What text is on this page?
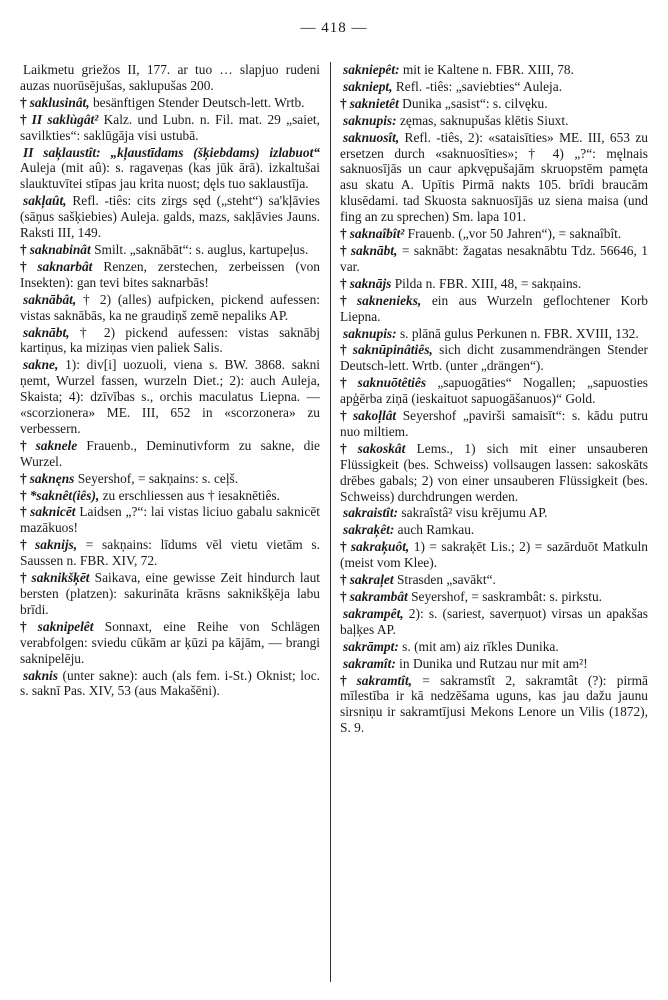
— 418 —

Laikmetu griežos II, 177. ar tuo … slapjuo rudeni auzas nuorūsējušas, saklupušas 200.

† saklusinât, besänftigen Stender Deutsch-lett. Wrtb.

† II saklùgât² Kalz. und Lubn. n. Fil. mat. 29 „saiet, savilkties“: saklūgāja visi ustubā.

II saķlaustît: „kļaustīdams (šķiebdams) izlabuot“ Auleja (mit aû): s. ragaveņas (kas jūk ārā). izkaltušai slauktuvītei stīpas jau krita nuost; dęls tuo saklaustīja.

sakļaût, Refl. -tiês: cits zirgs sęd („steht“) sa'kļāvies (sāņus sašķiebies) Auleja. galds, mazs, sakļāvies Jauns. Raksti III, 149.

† saknabinât Smilt. „saknābāt“: s. auglus, kartupeļus.

† saknarbât Renzen, zerstechen, zerbeissen (von Insekten): gan tevi bites saknarbās!

saknābât, † 2) (alles) aufpicken, pickend aufessen: vistas saknābās, ka ne graudiņš zemē nepaliks AP.

saknābt, † 2) pickend aufessen: vistas saknābj kartiņus, ka miziņas vien paliek Salis.

sakne, 1): div[i] uozuoli, viena s. BW. 3868. sakni ņemt, Wurzel fassen, wurzeln Diet.; 2): auch Auleja, Skaista; 4): dzīvības s., orchis maculatus Liepna. — «scorzionera» ME. III, 652 in «scorzonera» zu verbessern.

† saknele Frauenb., Deminutivform zu sakne, die Wurzel.

† saknęns Seyershof, = sakņains: s. ceļš.

† *saknêt(iês), zu erschliessen aus † iesaknētiês.

† saknicēt Laidsen „?“: lai vistas liciuo gabalu saknicēt mazākuos!

† saknijs, = sakņains: līdums vēl vietu vietām s. Saussen n. FBR. XIV, 72.

† saknikšķēt Saikava, eine gewisse Zeit hindurch laut bersten (platzen): sakurināta krāsns saknikšķēja labu brīdi.

† saknipelêt Sonnaxt, eine Reihe von Schlägen verabfolgen: sviedu cūkām ar ķūzi pa kājām, — brangi saknipelēju.

saknis (unter sakne): auch (als fem. i-St.) Oknist; loc. s. saknī Pas. XIV, 53 (aus Makašēni).

sakniepêt: mit ie Kaltene n. FBR. XIII, 78.

sakniept, Refl. -tiês: „saviebties“ Auleja.

† saknietêt Dunika „sasist“: s. cilvęku.

saknupis: zęmas, saknupušas klētis Siuxt.

saknuosît, Refl. -tiês, 2): «sataisīties» ME. III, 653 zu ersetzen durch «saknuosīties»; † 4) „?“: męlnais saknuosījās un caur apkvępušajām skruopstēm pamęta asu skatu A. Upītis Pirmā nakts 105. brīdi braucām klusēdami. tad Skuosta saknuosījās uz siena maisa (und fing an zu sprechen) Sm. lapa 101.

† saknaîbît² Frauenb. („vor 50 Jahren“), = saknaîbît.

† saknābt, = saknābt: žagatas nesaknābtu Tdz. 56646, 1 var.

† saknājs Pilda n. FBR. XIII, 48, = sakņains.

† saknenieks, ein aus Wurzeln geflochtener Korb Liepna.

saknupis: s. plānā gulus Perkunen n. FBR. XVIII, 132.

† saknūpinâtiês, sich dicht zusammendrängen Stender Deutsch-lett. Wrtb. (unter „drängen“).

† saknuōtêtiês „sapuogāties“ Nogallen; „sapuosties apģērba ziņā (ieskaituot sapuogāšanuos)“ Gold.

† sakoļlât Seyershof „pavirši samaisīt“: s. kādu putru nuo miltiem.

† sakoskât Lems., 1) sich mit einer unsauberen Flüssigkeit (bes. Schweiss) vollsaugen lassen: sakoskāts drēbes gabals; 2) von einer unsauberen Flüssigkeit (bes. Schweiss) durchdrungen werden.

sakraistît: sakraîstâ² visu krējumu AP.

sakraķêt: auch Ramkau.

† sakraķuôt, 1) = sakraķēt Lis.; 2) = sazārduōt Matkuln (meist vom Klee).

† sakraļet Strasden „savākt“.

† sakrambât Seyershof, = saskrambât: s. pirkstu.

sakrampêt, 2): s. (sariest, saverņuot) virsas un apakšas baļķes AP.

sakrāmpt: s. (mit am) aiz rīkles Dunika.

sakramît: in Dunika und Rutzau nur mit am²!

† sakramtît, = sakramstît 2, sakramtât (?): pirmā mīlestība ir kā nedzēšama uguns, kas jau dažu jaunu sirsniņu ir sakramtījusi Mekons Lenore un Vilis (1872), S. 9.
